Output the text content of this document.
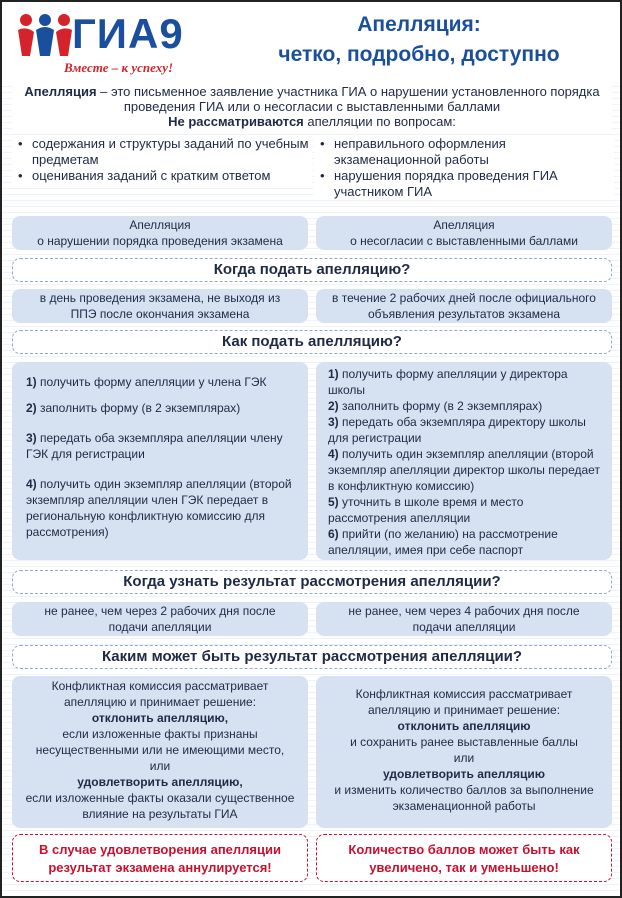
ГИА9
Вместе – к успеху!
Апелляция:
четко, подробно, доступно
Апелляция – это письменное заявление участника ГИА о нарушении установленного порядка проведения ГИА или о несогласии с выставленными баллами
Не рассматриваются апелляции по вопросам:
• содержания и структуры заданий по учебным предметам
• оценивания заданий с кратким ответом
• неправильного оформления экзаменационной работы
• нарушения порядка проведения ГИА участником ГИА
Апелляция
о нарушении порядка проведения экзамена
Апелляция
о несогласии с выставленными баллами
Когда подать апелляцию?
в день проведения экзамена, не выходя из ППЭ после окончания экзамена
в течение 2 рабочих дней после официального объявления результатов экзамена
Как подать апелляцию?

1) получить форму апелляции у члена ГЭК

2) заполнить форму (в 2 экземплярах)

3) передать оба экземпляра апелляции члену ГЭК для регистрации

4) получить один экземпляр апелляции (второй экземпляр апелляции член ГЭК передает в региональную конфликтную комиссию для рассмотрения)

1) получить форму апелляции у директора школы

2) заполнить форму (в 2 экземплярах)

3) передать оба экземпляра директору школы для регистрации

4) получить один экземпляр апелляции (второй экземпляр апелляции директор школы передает в конфликтную комиссию)

5) уточнить в школе время и место рассмотрения апелляции

6) прийти (по желанию) на рассмотрение апелляции, имея при себе паспорт

Когда узнать результат рассмотрения апелляции?
не ранее, чем через 2 рабочих дня после подачи апелляции
не ранее, чем через 4 рабочих дня после подачи апелляции
Каким может быть результат рассмотрения апелляции?
Конфликтная комиссия рассматривает апелляцию и принимает решение:
отклонить апелляцию,
если изложенные факты признаны несущественными или не имеющими место,
или
удовлетворить апелляцию,
если изложенные факты оказали существенное влияние на результаты ГИА
Конфликтная комиссия рассматривает апелляцию и принимает решение:
отклонить апелляцию
и сохранить ранее выставленные баллы
или
удовлетворить апелляцию
и изменить количество баллов за выполнение экзаменационной работы
В случае удовлетворения апелляции результат экзамена аннулируется!
Количество баллов может быть как увеличено, так и уменьшено!
